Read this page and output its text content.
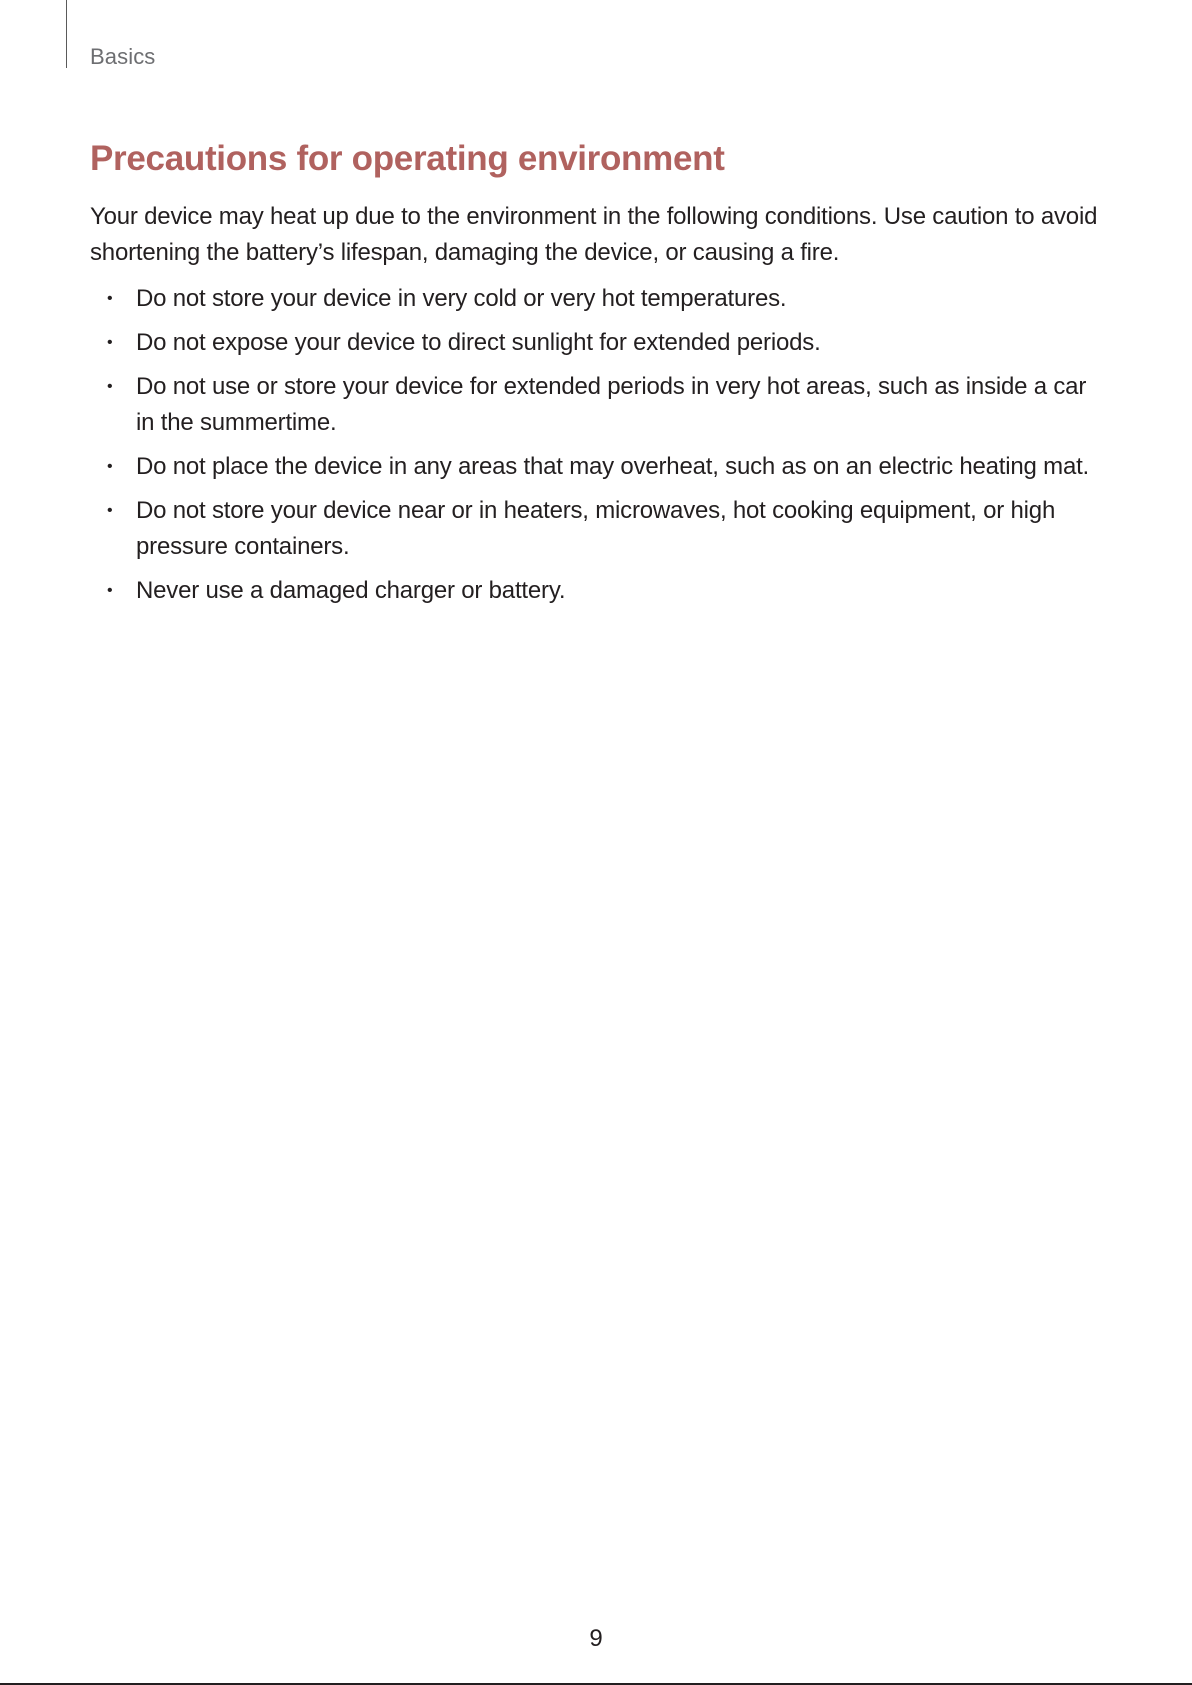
Basics
Precautions for operating environment

Your device may heat up due to the environment in the following conditions. Use caution to avoid shortening the battery’s lifespan, damaging the device, or causing a fire.

• Do not store your device in very cold or very hot temperatures.
• Do not expose your device to direct sunlight for extended periods.
• Do not use or store your device for extended periods in very hot areas, such as inside a car in the summertime.
• Do not place the device in any areas that may overheat, such as on an electric heating mat.
• Do not store your device near or in heaters, microwaves, hot cooking equipment, or high pressure containers.
• Never use a damaged charger or battery.
9
